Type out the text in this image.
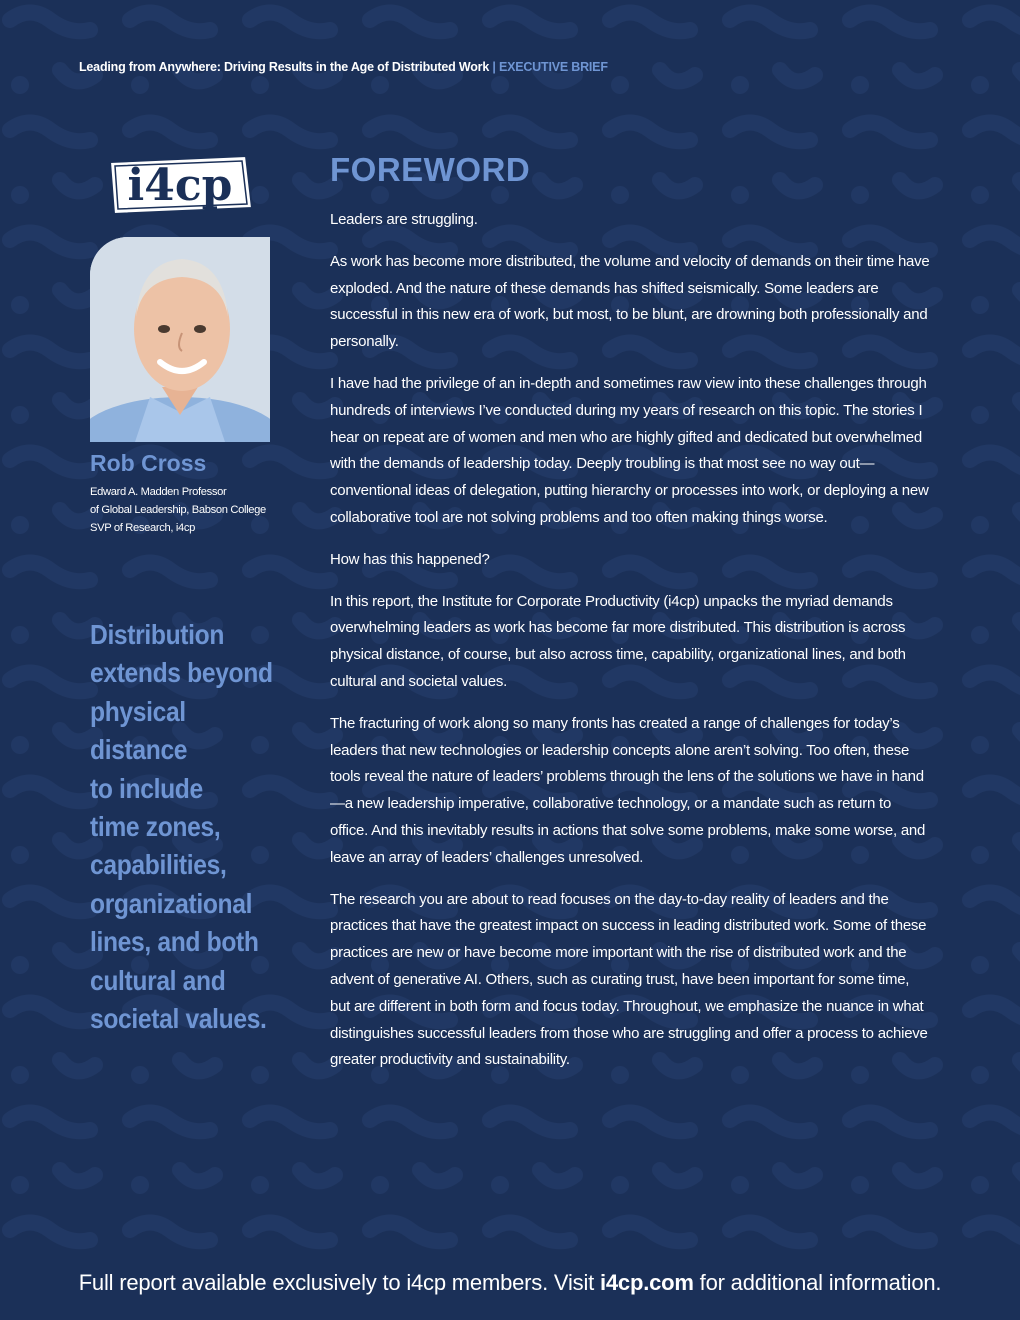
Leading from Anywhere: Driving Results in the Age of Distributed Work | EXECUTIVE BRIEF
i4cp
Rob Cross
Edward A. Madden Professor
of Global Leadership, Babson College
SVP of Research, i4cp
Distribution
extends beyond
physical
distance
to include
time zones,
capabilities,
organizational
lines, and both
cultural and
societal values.
FOREWORD

Leaders are struggling.

As work has become more distributed, the volume and velocity of demands on their time have exploded. And the nature of these demands has shifted seismically. Some leaders are successful in this new era of work, but most, to be blunt, are drowning both professionally and personally.

I have had the privilege of an in-depth and sometimes raw view into these challenges through hundreds of interviews I’ve conducted during my years of research on this topic. The stories I hear on repeat are of women and men who are highly gifted and dedicated but overwhelmed with the demands of leadership today. Deeply troubling is that most see no way out—conventional ideas of delegation, putting hierarchy or processes into work, or deploying a new collaborative tool are not solving problems and too often making things worse.

How has this happened?

In this report, the Institute for Corporate Productivity (i4cp) unpacks the myriad demands overwhelming leaders as work has become far more distributed. This distribution is across physical distance, of course, but also across time, capability, organizational lines, and both cultural and societal values.

The fracturing of work along so many fronts has created a range of challenges for today’s leaders that new technologies or leadership concepts alone aren’t solving. Too often, these tools reveal the nature of leaders’ problems through the lens of the solutions we have in hand—a new leadership imperative, collaborative technology, or a mandate such as return to office. And this inevitably results in actions that solve some problems, make some worse, and leave an array of leaders’ challenges unresolved.

The research you are about to read focuses on the day-to-day reality of leaders and the practices that have the greatest impact on success in leading distributed work. Some of these practices are new or have become more important with the rise of distributed work and the advent of generative AI. Others, such as curating trust, have been important for some time, but are different in both form and focus today. Throughout, we emphasize the nuance in what distinguishes successful leaders from those who are struggling and offer a process to achieve greater productivity and sustainability.

Full report available exclusively to i4cp members. Visit i4cp.com for additional information.
